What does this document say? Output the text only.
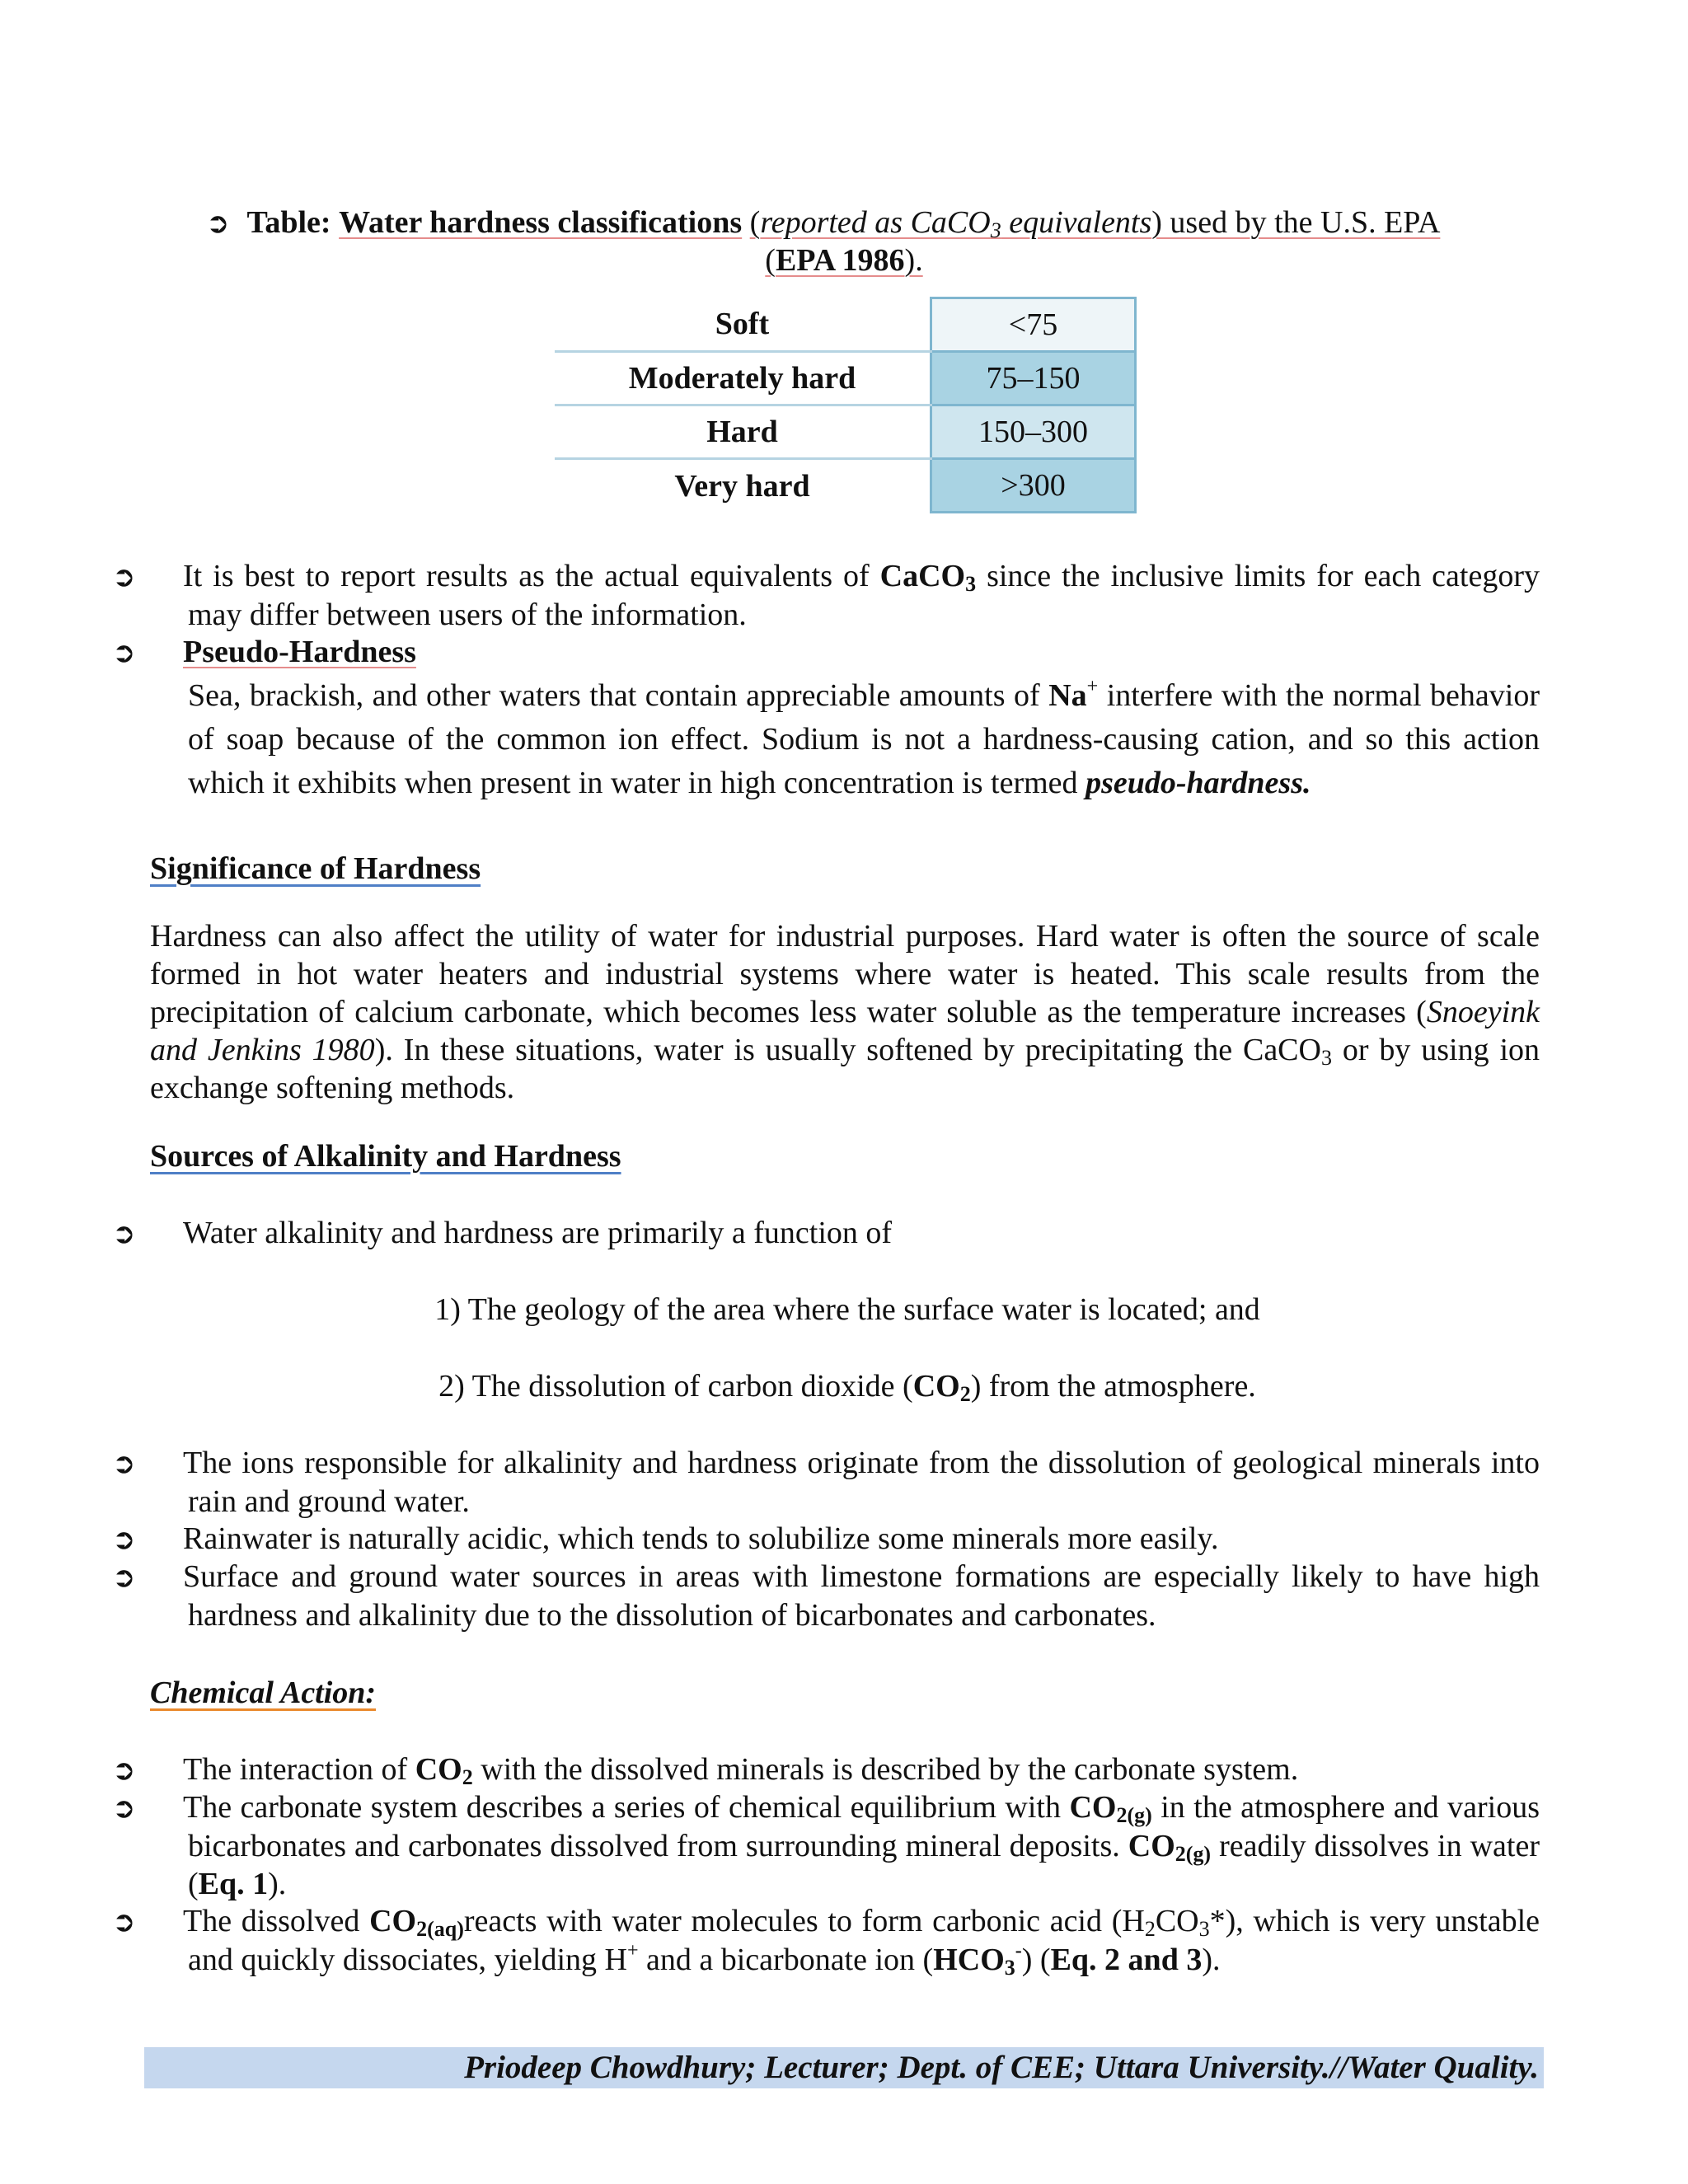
➲ Table: Water hardness classifications (reported as CaCO$_3$ equivalents) used by the U.S. EPA
(EPA 1986).
Soft	<75
Moderately hard	75–150
Hard	150–300
Very hard	>300
➲ It is best to report results as the actual equivalents of CaCO$_3$ since the inclusive limits for each category may differ between users of the information.
➲ Pseudo-Hardness
Sea, brackish, and other waters that contain appreciable amounts of Na+ interfere with the normal behavior of soap because of the common ion effect. Sodium is not a hardness-causing cation, and so this action which it exhibits when present in water in high concentration is termed pseudo-hardness.
Significance of Hardness
Hardness can also affect the utility of water for industrial purposes. Hard water is often the source of scale formed in hot water heaters and industrial systems where water is heated. This scale results from the precipitation of calcium carbonate, which becomes less water soluble as the temperature increases (Snoeyink and Jenkins 1980). In these situations, water is usually softened by precipitating the CaCO$_3$ or by using ion exchange softening methods.
Sources of Alkalinity and Hardness
➲ Water alkalinity and hardness are primarily a function of
1) The geology of the area where the surface water is located; and
2) The dissolution of carbon dioxide $(CO_2)$ from the atmosphere.
➲ The ions responsible for alkalinity and hardness originate from the dissolution of geological minerals into rain and ground water.
➲ Rainwater is naturally acidic, which tends to solubilize some minerals more easily.
➲ Surface and ground water sources in areas with limestone formations are especially likely to have high hardness and alkalinity due to the dissolution of bicarbonates and carbonates.
Chemical Action:
➲ The interaction of $CO_2$ with the dissolved minerals is described by the carbonate system.
➲ The carbonate system describes a series of chemical equilibrium with $CO_{2(g)}$ in the atmosphere and various bicarbonates and carbonates dissolved from surrounding mineral deposits. $CO_{2(g)}$ readily dissolves in water (Eq. 1).
➲ The dissolved $CO_{2(aq)}reacts$ with water molecules to form carbonic acid $(H_2CO_3*)$, which is very unstable and quickly dissociates, yielding H+ and a bicarbonate ion $(HCO_3^-)$ (Eq. 2 and 3).
Priodeep Chowdhury; Lecturer; Dept. of CEE; Uttara University.//Water Quality.
